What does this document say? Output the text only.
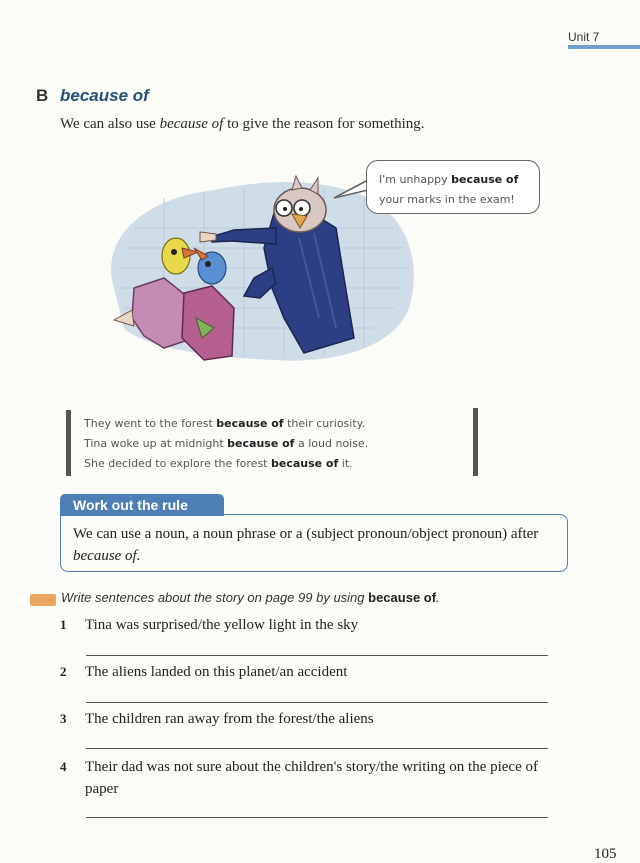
Unit 7
B because of
We can also use because of to give the reason for something.
I'm unhappy because of
your marks in the exam!
They went to the forest because of their curiosity.
Tina woke up at midnight because of a loud noise.
She decided to explore the forest because of it.
Work out the rule
We can use a noun, a noun phrase or a (subject pronoun/object pronoun) after because of.
Write sentences about the story on page 99 by using because of.
1 Tina was surprised/the yellow light in the sky
2 The aliens landed on this planet/an accident
3 The children ran away from the forest/the aliens
4 Their dad was not sure about the children's story/the writing on the piece of paper
105
